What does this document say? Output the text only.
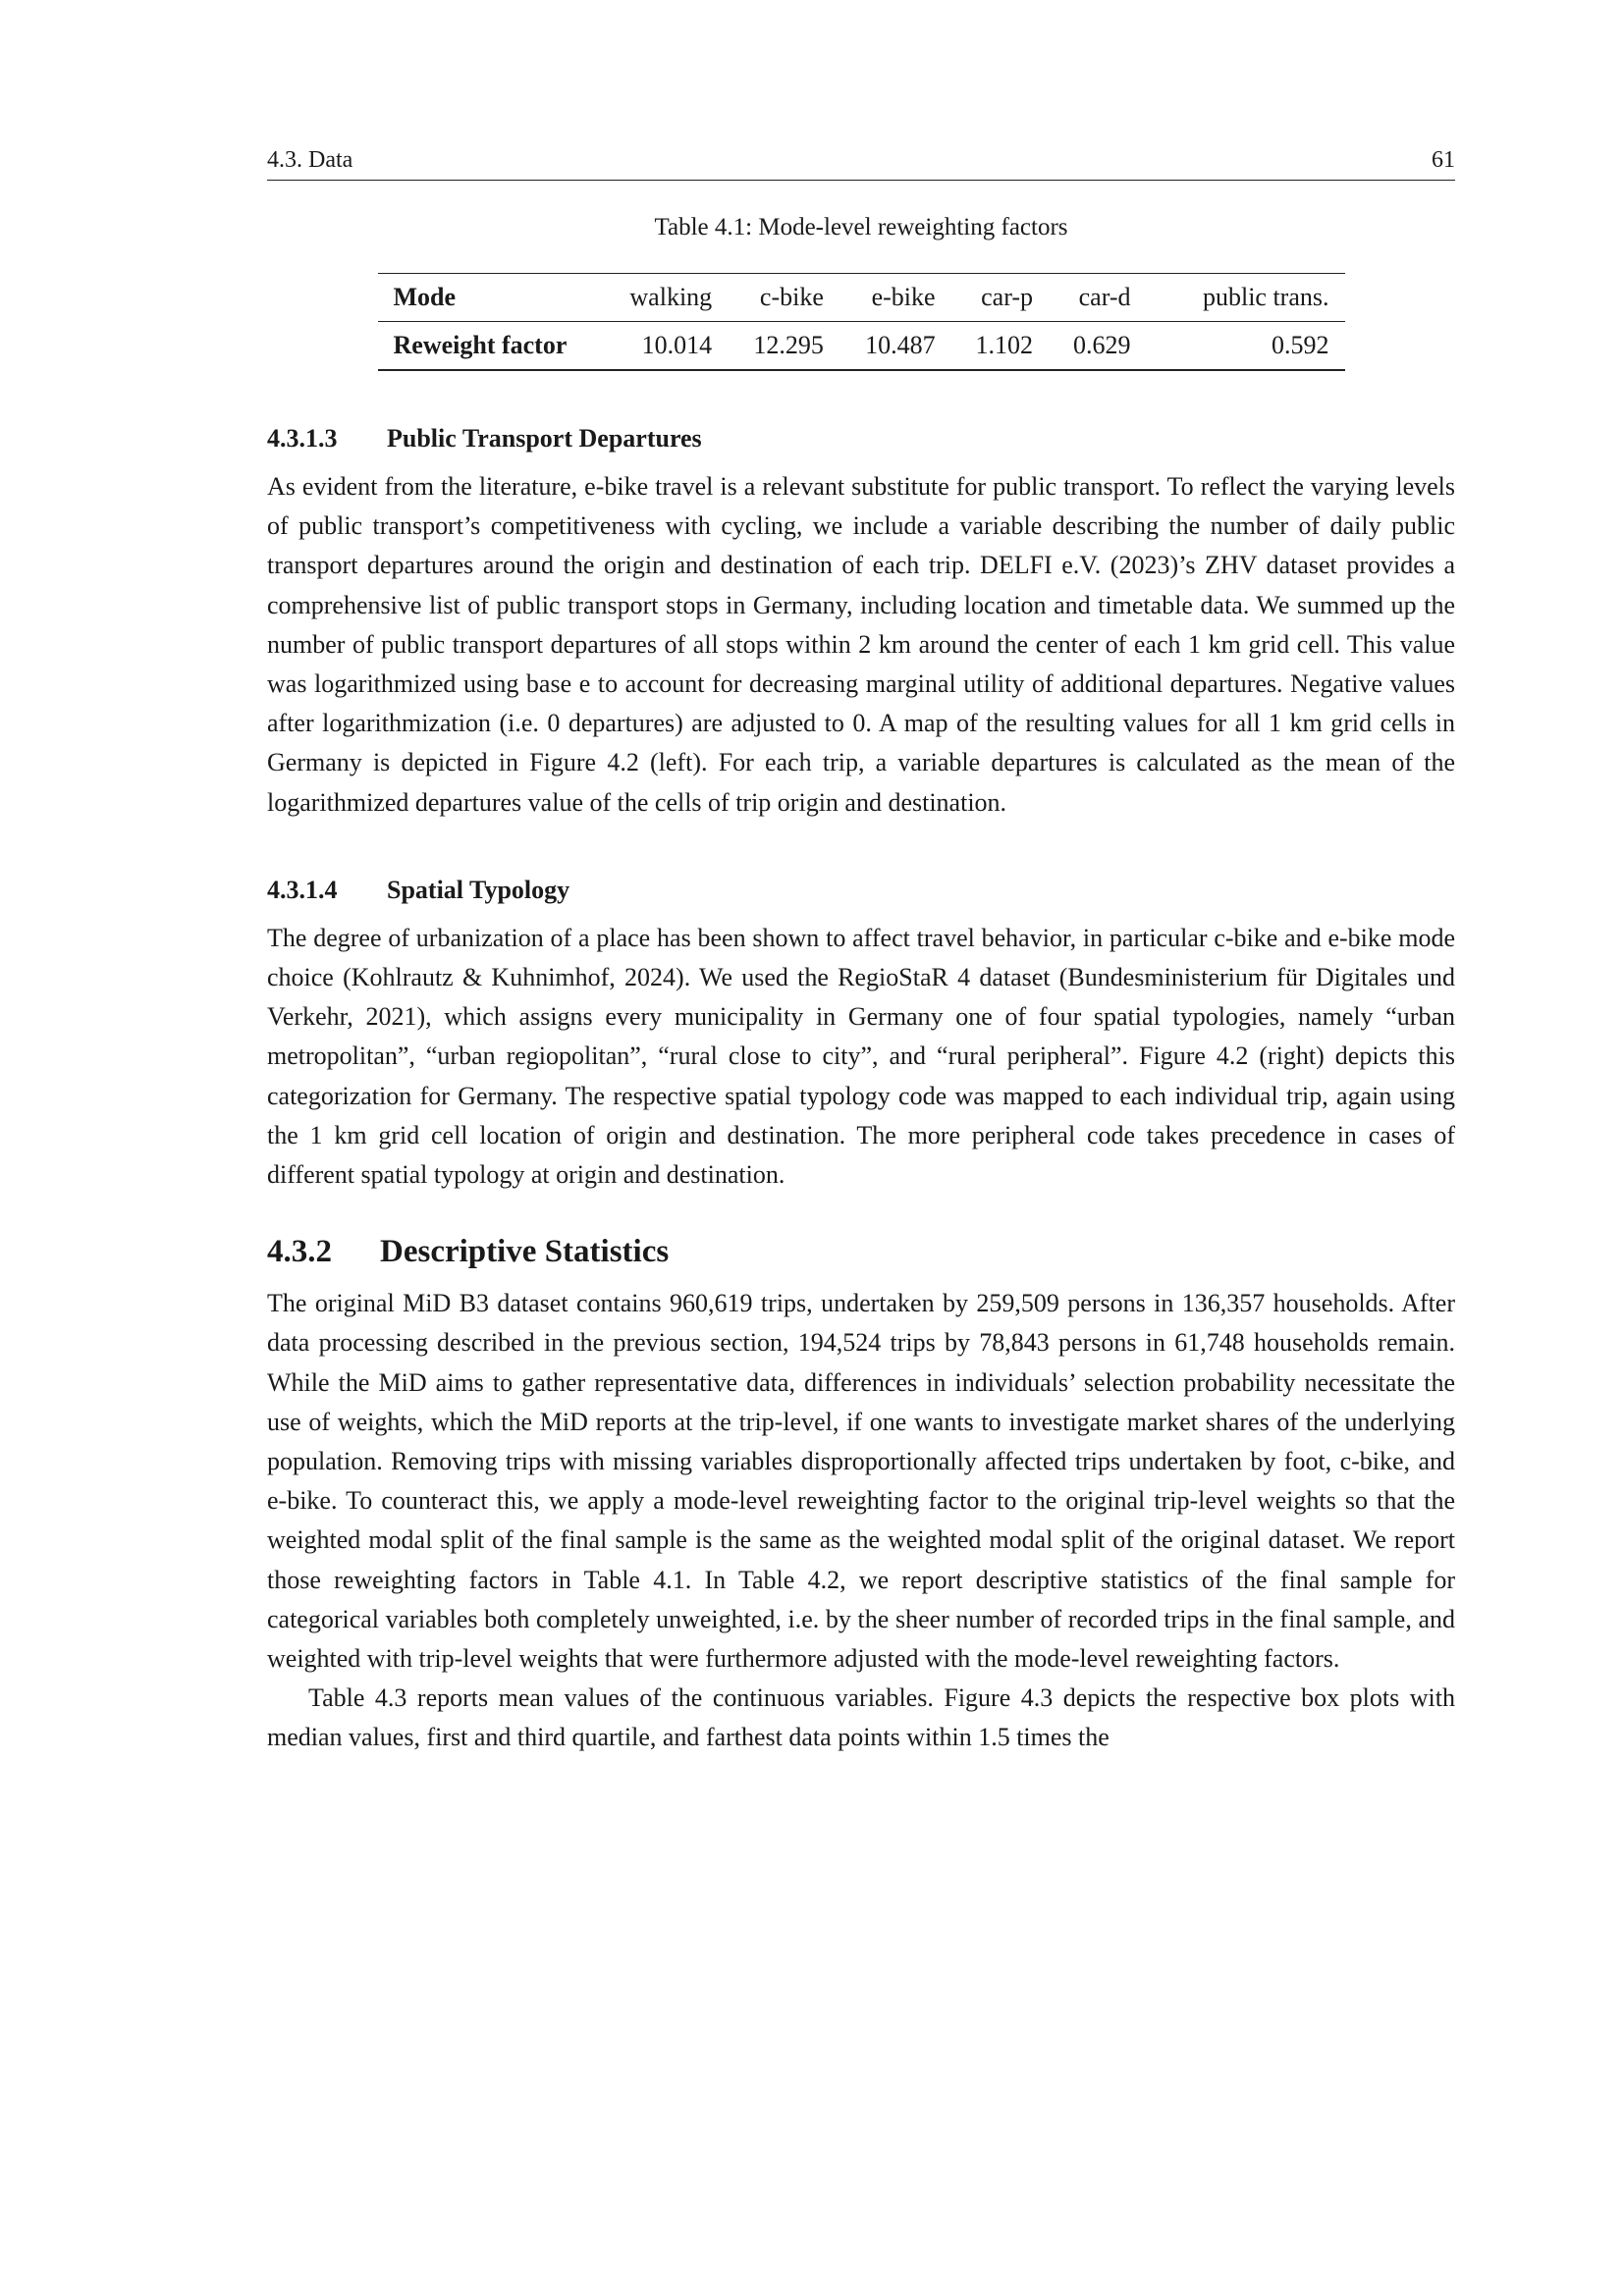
4.3. Data	61
Table 4.1: Mode-level reweighting factors
Mode	walking	c-bike	e-bike	car-p	car-d	public trans.
Reweight factor	10.014	12.295	10.487	1.102	0.629	0.592
4.3.1.3 Public Transport Departures

As evident from the literature, e-bike travel is a relevant substitute for public transport. To reflect the varying levels of public transport’s competitiveness with cycling, we include a variable describing the number of daily public transport departures around the origin and destination of each trip. DELFI e.V. (2023)’s ZHV dataset provides a comprehensive list of public transport stops in Germany, including location and timetable data. We summed up the number of public transport departures of all stops within 2 km around the center of each 1 km grid cell. This value was logarithmized using base e to account for decreasing marginal utility of additional departures. Negative values after logarithmization (i.e. 0 departures) are adjusted to 0. A map of the resulting values for all 1 km grid cells in Germany is depicted in Figure 4.2 (left). For each trip, a variable departures is calculated as the mean of the logarithmized departures value of the cells of trip origin and destination.

4.3.1.4 Spatial Typology

The degree of urbanization of a place has been shown to affect travel behavior, in particular c-bike and e-bike mode choice (Kohlrautz & Kuhnimhof, 2024). We used the RegioStaR 4 dataset (Bundesministerium für Digitales und Verkehr, 2021), which assigns every municipality in Germany one of four spatial typologies, namely “urban metropolitan”, “urban regiopolitan”, “rural close to city”, and “rural peripheral”. Figure 4.2 (right) depicts this categorization for Germany. The respective spatial typology code was mapped to each individual trip, again using the 1 km grid cell location of origin and destination. The more peripheral code takes precedence in cases of different spatial typology at origin and destination.

4.3.2 Descriptive Statistics

The original MiD B3 dataset contains 960,619 trips, undertaken by 259,509 persons in 136,357 households. After data processing described in the previous section, 194,524 trips by 78,843 persons in 61,748 households remain. While the MiD aims to gather representative data, differences in individuals’ selection probability necessitate the use of weights, which the MiD reports at the trip-level, if one wants to investigate market shares of the underlying population. Removing trips with missing variables disproportionally affected trips undertaken by foot, c-bike, and e-bike. To counteract this, we apply a mode-level reweighting factor to the original trip-level weights so that the weighted modal split of the final sample is the same as the weighted modal split of the original dataset. We report those reweighting factors in Table 4.1. In Table 4.2, we report descriptive statistics of the final sample for categorical variables both completely unweighted, i.e. by the sheer number of recorded trips in the final sample, and weighted with trip-level weights that were furthermore adjusted with the mode-level reweighting factors.

Table 4.3 reports mean values of the continuous variables. Figure 4.3 depicts the respective box plots with median values, first and third quartile, and farthest data points within 1.5 times the
